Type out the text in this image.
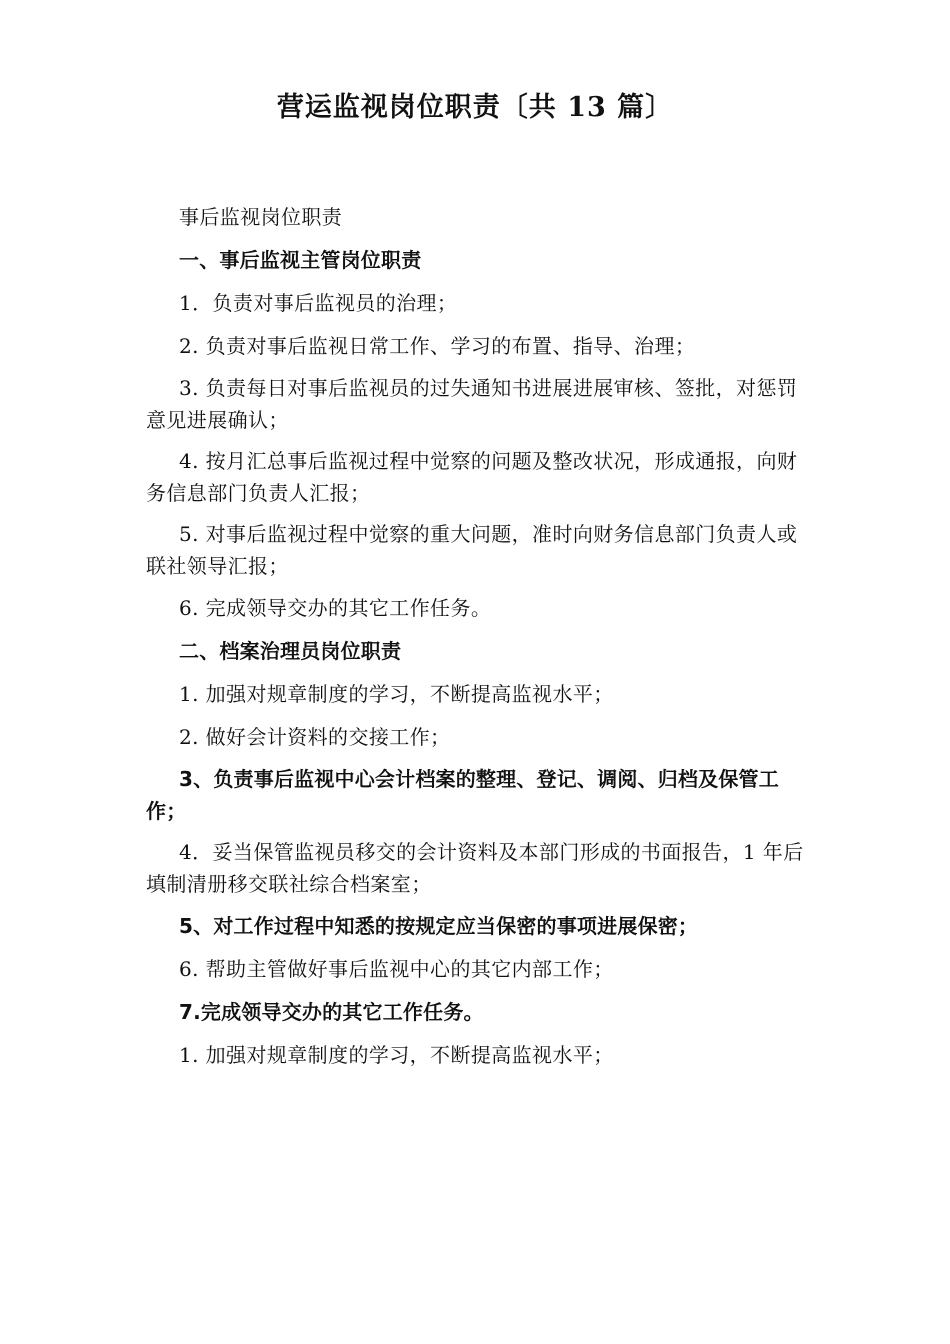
营运监视岗位职责〔共 13 篇〕

事后监视岗位职责

一、事后监视主管岗位职责

1．负责对事后监视员的治理；

2. 负责对事后监视日常工作、学习的布置、指导、治理；

3. 负责每日对事后监视员的过失通知书进展进展审核、签批，对惩罚意见进展确认；

4. 按月汇总事后监视过程中觉察的问题及整改状况，形成通报，向财务信息部门负责人汇报；

5. 对事后监视过程中觉察的重大问题，准时向财务信息部门负责人或联社领导汇报；

6. 完成领导交办的其它工作任务。

二、档案治理员岗位职责

1. 加强对规章制度的学习，不断提高监视水平；

2. 做好会计资料的交接工作；

3、负责事后监视中心会计档案的整理、登记、调阅、归档及保管工作；

4．妥当保管监视员移交的会计资料及本部门形成的书面报告，1 年后填制清册移交联社综合档案室；

5、对工作过程中知悉的按规定应当保密的事项进展保密；

6. 帮助主管做好事后监视中心的其它内部工作；

7.完成领导交办的其它工作任务。

1. 加强对规章制度的学习，不断提高监视水平；
